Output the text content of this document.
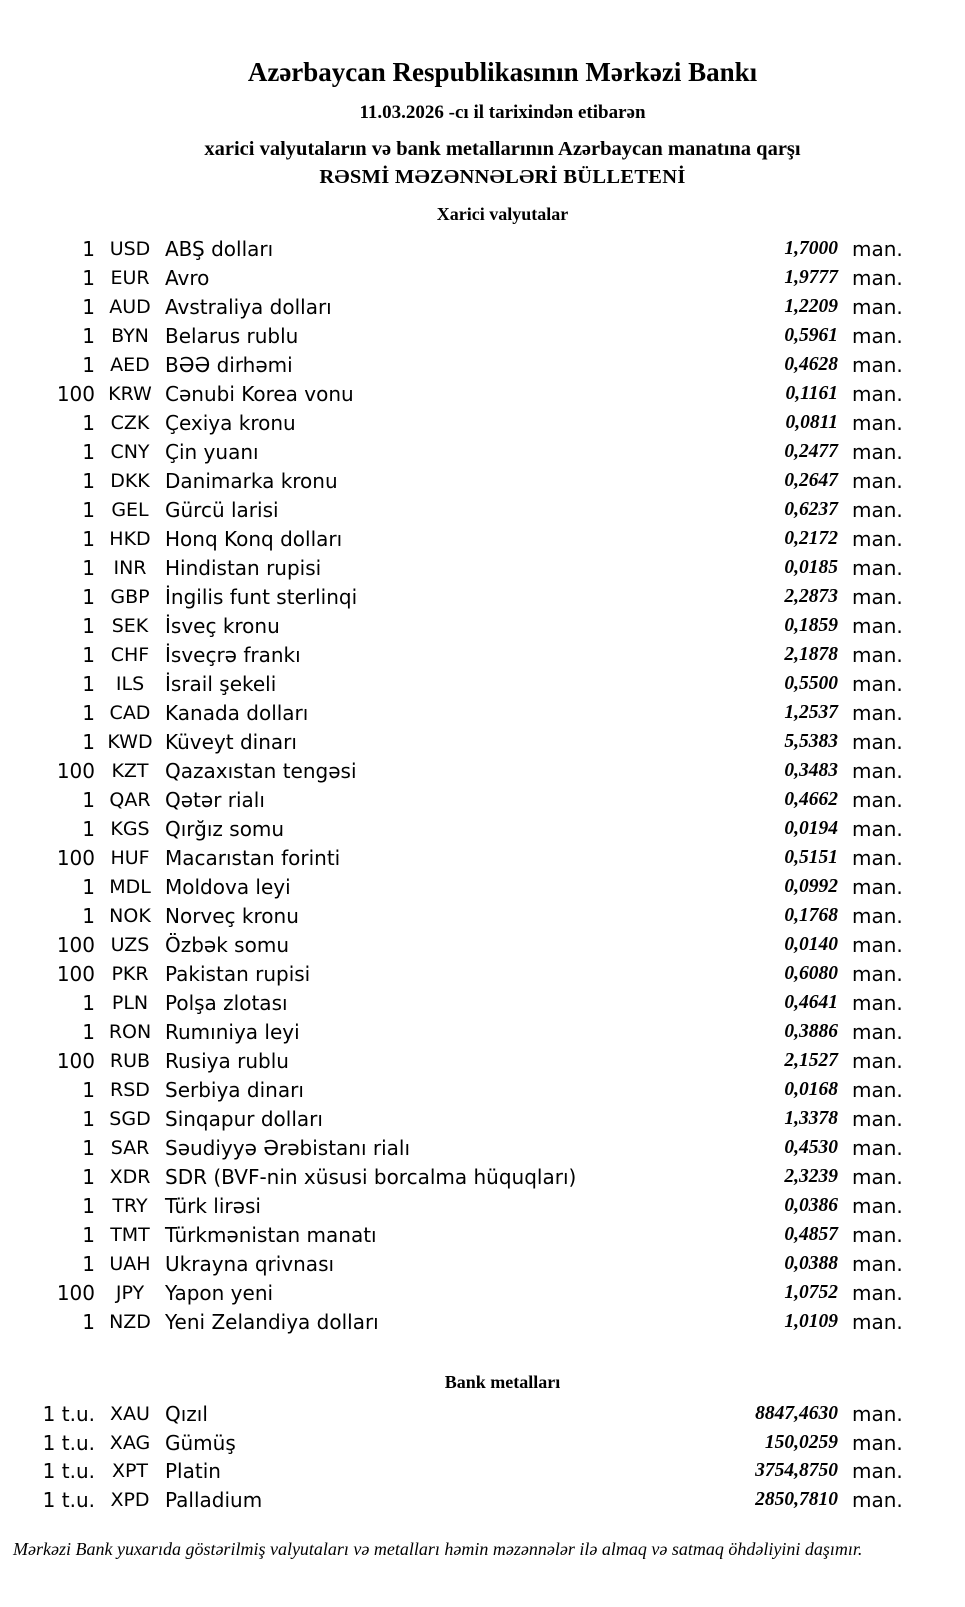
Azərbaycan Respublikasının Mərkəzi Bankı
11.03.2026 -cı il tarixindən etibarən
xarici valyutaların və bank metallarının Azərbaycan manatına qarşı
RƏSMİ MƏZƏNNƏLƏRİ BÜLLETENİ
Xarici valyutalar
1 USD ABŞ dolları	1,7000 man.
1 EUR Avro	1,9777 man.
1 AUD Avstraliya dolları	1,2209 man.
1 BYN Belarus rublu	0,5961 man.
1 AED BƏƏ dirhəmi	0,4628 man.
100 KRW Cənubi Korea vonu	0,1161 man.
1 CZK Çexiya kronu	0,0811 man.
1 CNY Çin yuanı	0,2477 man.
1 DKK Danimarka kronu	0,2647 man.
1 GEL Gürcü larisi	0,6237 man.
1 HKD Honq Konq dolları	0,2172 man.
1 INR Hindistan rupisi	0,0185 man.
1 GBP İngilis funt sterlinqi	2,2873 man.
1 SEK İsveç kronu	0,1859 man.
1 CHF İsveçrə frankı	2,1878 man.
1	ILS	İsrail şekeli	0,5500 man.
1 CAD Kanada dolları	1,2537 man.
1 KWD Küveyt dinarı	5,5383 man.
100 KZT Qazaxıstan tengəsi	0,3483 man.
1 QAR Qətər rialı	0,4662 man.
1 KGS Qırğız somu	0,0194 man.
100 HUF Macarıstan forinti	0,5151 man.
1 MDL Moldova leyi	0,0992 man.
1 NOK Norveç kronu	0,1768 man.
100 UZS Özbək somu	0,0140 man.
100 PKR Pakistan rupisi	0,6080 man.
1 PLN Polşa zlotası	0,4641 man.
1 RON Rumıniya leyi	0,3886 man.
100 RUB Rusiya rublu	2,1527 man.
1 RSD Serbiya dinarı	0,0168 man.
1 SGD Sinqapur dolları	1,3378 man.
1 SAR Səudiyyə Ərəbistanı rialı	0,4530 man.
1 XDR SDR (BVF-nin xüsusi borcalma hüquqları)	2,3239 man.
1 TRY Türk lirəsi	0,0386 man.
1 TMT Türkmənistan manatı	0,4857 man.
1 UAH Ukrayna qrivnası	0,0388 man.
100	JPY	Yapon yeni	1,0752 man.
1 NZD Yeni Zelandiya dolları	1,0109 man.
Bank metalları
1 t.u. XAU Qızıl	8847,4630 man.
1 t.u. XAG Gümüş	150,0259 man.
1 t.u. XPT Platin	3754,8750 man.
1 t.u. XPD Palladium	2850,7810 man.
Mərkəzi Bank yuxarıda göstərilmiş valyutaları və metalları həmin məzənnələr ilə almaq və satmaq öhdəliyini daşımır.
